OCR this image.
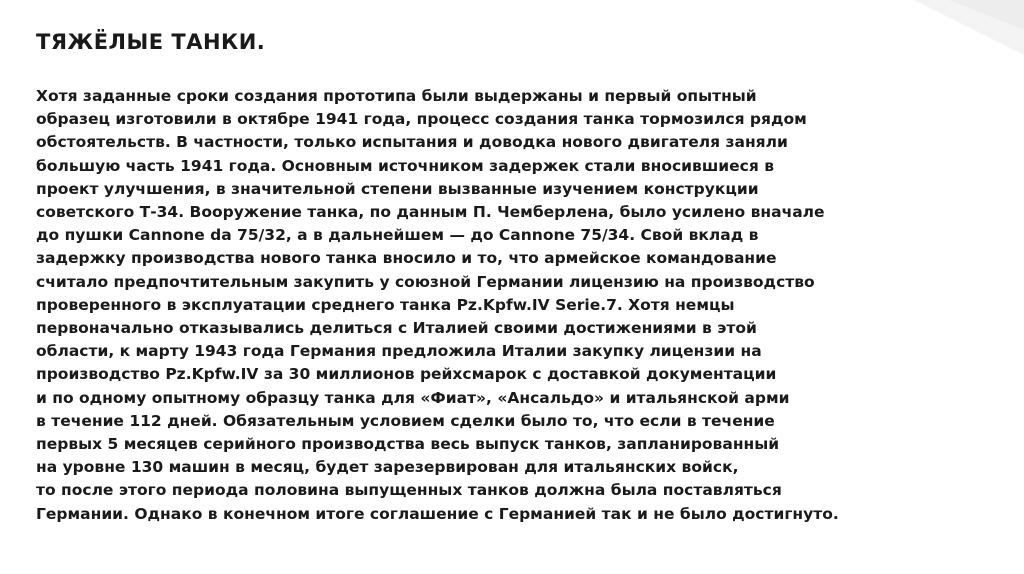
ТЯЖЁЛЫЕ ТАНКИ.
Хотя заданные сроки создания прототипа были выдержаны и первый опытный
образец изготовили в октябре 1941 года, процесс создания танка тормозился рядом
обстоятельств. В частности, только испытания и доводка нового двигателя заняли
большую часть 1941 года. Основным источником задержек стали вносившиеся в
проект улучшения, в значительной степени вызванные изучением конструкции
советского Т-34. Вооружение танка, по данным П. Чемберлена, было усилено вначале
до пушки Cannone da 75/32, а в дальнейшем — до Cannone 75/34. Свой вклад в
задержку производства нового танка вносило и то, что армейское командование
считало предпочтительным закупить у союзной Германии лицензию на производство
проверенного в эксплуатации среднего танка Pz.Kpfw.IV Serie.7. Хотя немцы
первоначально отказывались делиться с Италией своими достижениями в этой
области, к марту 1943 года Германия предложила Италии закупку лицензии на
производство Pz.Kpfw.IV за 30 миллионов рейхсмарок с доставкой документации
и по одному опытному образцу танка для «Фиат», «Ансальдо» и итальянской арми
в течение 112 дней. Обязательным условием сделки было то, что если в течение
первых 5 месяцев серийного производства весь выпуск танков, запланированный
на уровне 130 машин в месяц, будет зарезервирован для итальянских войск,
то после этого периода половина выпущенных танков должна была поставляться
Германии. Однако в конечном итоге соглашение с Германией так и не было достигнуто.
